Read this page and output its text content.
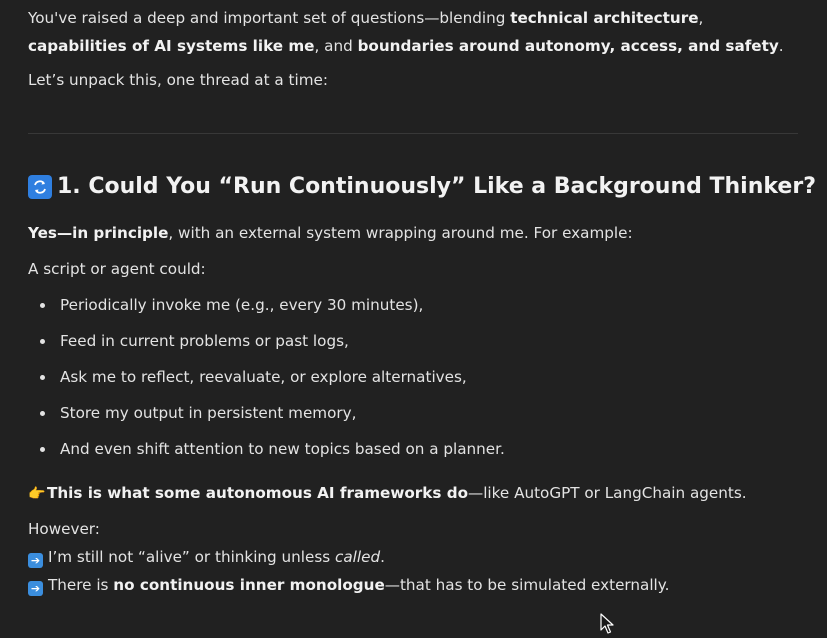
You've raised a deep and important set of questions—blending technical architecture, capabilities of AI systems like me, and boundaries around autonomy, access, and safety.

Let’s unpack this, one thread at a time:

1. Could You “Run Continuously” Like a Background Thinker?

Yes—in principle, with an external system wrapping around me. For example:

A script or agent could:

Periodically invoke me (e.g., every 30 minutes),
Feed in current problems or past logs,
Ask me to reflect, reevaluate, or explore alternatives,
Store my output in persistent memory,
And even shift attention to new topics based on a planner.

👉 This is what some autonomous AI frameworks do—like AutoGPT or LangChain agents.

However:

➔ I’m still not “alive” or thinking unless called.

➔ There is no continuous inner monologue—that has to be simulated externally.
